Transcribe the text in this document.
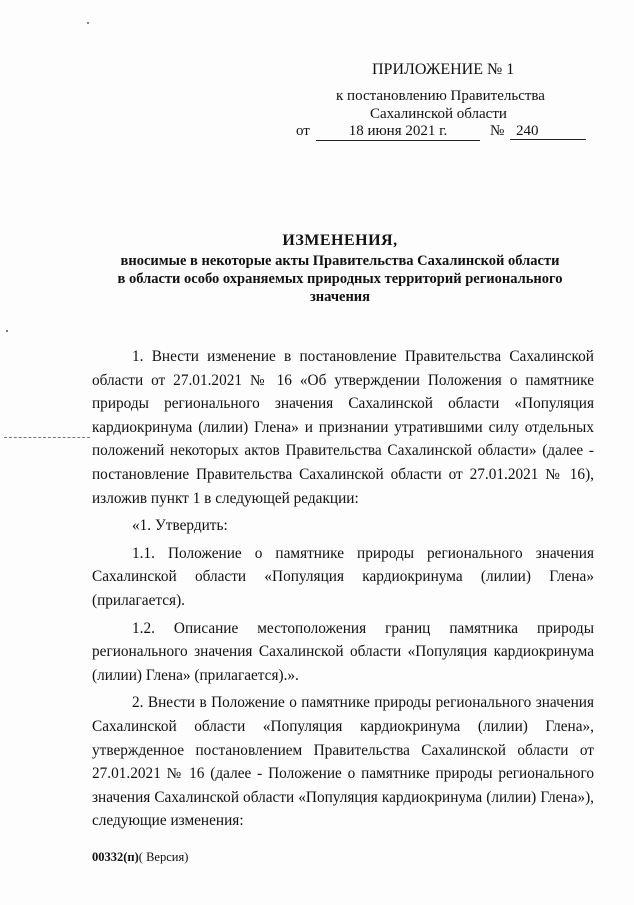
ПРИЛОЖЕНИЕ № 1
к постановлению Правительства
Сахалинской области
от	18 июня 2021 г.	№ 240
ИЗМЕНЕНИЯ,
вносимые в некоторые акты Правительства Сахалинской области
в области особо охраняемых природных территорий регионального
значения

1. Внести изменение в постановление Правительства Сахалинской области от 27.01.2021 № 16 «Об утверждении Положения о памятнике природы регионального значения Сахалинской области «Популяция кардиокринума (лилии) Глена» и признании утратившими силу отдельных положений некоторых актов Правительства Сахалинской области» (далее - постановление Правительства Сахалинской области от 27.01.2021 № 16), изложив пункт 1 в следующей редакции:

«1. Утвердить:

1.1. Положение о памятнике природы регионального значения Сахалинской области «Популяция кардиокринума (лилии) Глена» (прилагается).

1.2. Описание местоположения границ памятника природы регионального значения Сахалинской области «Популяция кардиокринума (лилии) Глена» (прилагается).».

2. Внести в Положение о памятнике природы регионального значения Сахалинской области «Популяция кардиокринума (лилии) Глена», утвержденное постановлением Правительства Сахалинской области от 27.01.2021 № 16 (далее - Положение о памятнике природы регионального значения Сахалинской области «Популяция кардиокринума (лилии) Глена»), следующие изменения:

00332(п)( Версия)
